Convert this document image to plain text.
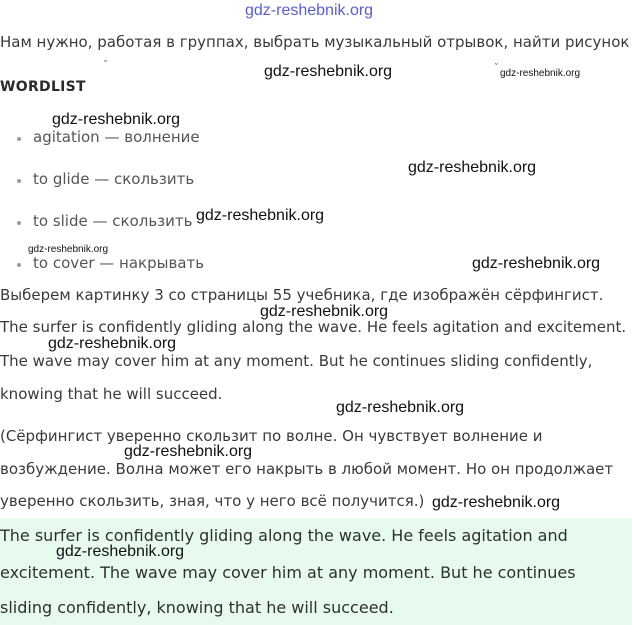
gdz-reshebnik.org
Нам нужно, работая в группах, выбрать музыкальный отрывок, найти рисунок
˘	˘
WORDLIST
gdz-reshebnik.org	gdz-reshebnik.org
gdz-reshebnik.org
agitation — волнение
to glide — скользить
to slide — скользить
to cover — накрывать
gdz-reshebnik.org
gdz-reshebnik.org
gdz-reshebnik.org
gdz-reshebnik.org
Выберем картинку 3 со страницы 55 учебника, где изображён сёрфингист.
gdz-reshebnik.org
The surfer is confidently gliding along the wave. He feels agitation and excitement.
gdz-reshebnik.org
The wave may cover him at any moment. But he continues sliding confidently,
knowing that he will succeed.
gdz-reshebnik.org
(Сёрфингист уверенно скользит по волне. Он чувствует волнение и
gdz-reshebnik.org
возбуждение. Волна может его накрыть в любой момент. Но он продолжает
уверенно скользить, зная, что у него всё получится.) gdz-reshebnik.org
The surfer is confidently gliding along the wave. He feels agitation and
gdz-reshebnik.org
excitement. The wave may cover him at any moment. But he continues
sliding confidently, knowing that he will succeed.
